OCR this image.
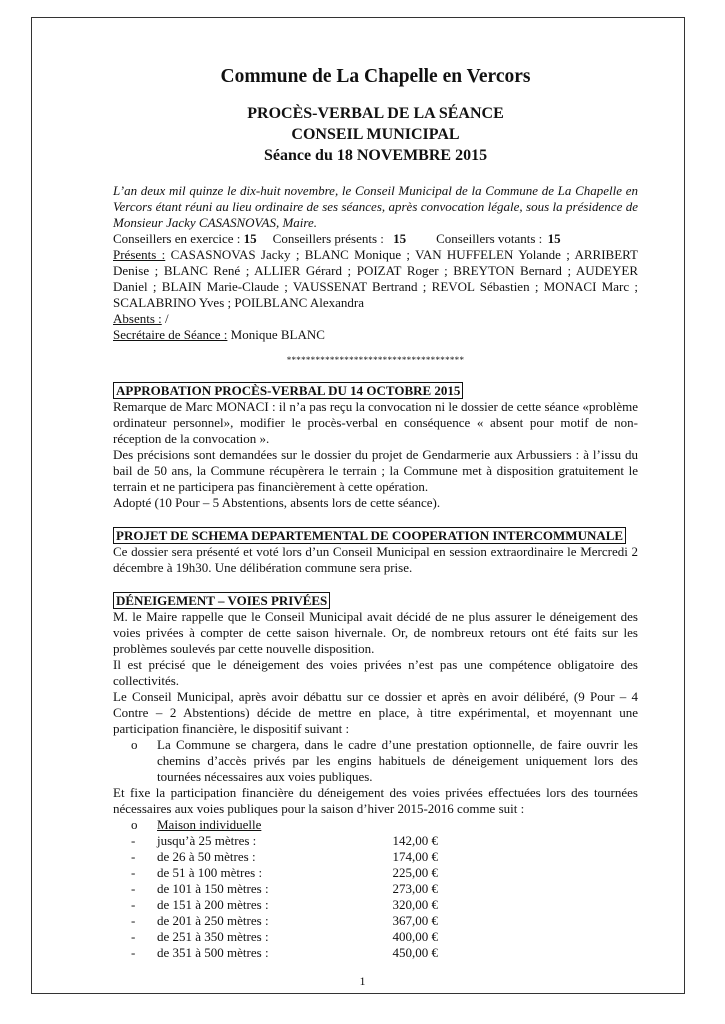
Commune de La Chapelle en Vercors
PROCÈS-VERBAL DE LA SÉANCE
CONSEIL MUNICIPAL
Séance du 18 NOVEMBRE 2015
L’an deux mil quinze le dix-huit novembre, le Conseil Municipal de la Commune de La Chapelle en Vercors étant réuni au lieu ordinaire de ses séances, après convocation légale, sous la présidence de Monsieur Jacky CASASNOVAS, Maire.
Conseillers en exercice : 15 Conseillers présents : 15 Conseillers votants : 15
Présents : CASASNOVAS Jacky ; BLANC Monique ; VAN HUFFELEN Yolande ; ARRIBERT Denise ; BLANC René ; ALLIER Gérard ; POIZAT Roger ; BREYTON Bernard ; AUDEYER Daniel ; BLAIN Marie-Claude ; VAUSSENAT Bertrand ; REVOL Sébastien ; MONACI Marc ; SCALABRINO Yves ; POILBLANC Alexandra
Absents : /
Secrétaire de Séance : Monique BLANC
*************************************
APPROBATION PROCÈS-VERBAL DU 14 OCTOBRE 2015

Remarque de Marc MONACI : il n’a pas reçu la convocation ni le dossier de cette séance «problème ordinateur personnel», modifier le procès-verbal en conséquence « absent pour motif de non-réception de la convocation ».

Des précisions sont demandées sur le dossier du projet de Gendarmerie aux Arbussiers : à l’issu du bail de 50 ans, la Commune récupèrera le terrain ; la Commune met à disposition gratuitement le terrain et ne participera pas financièrement à cette opération.

Adopté (10 Pour – 5 Abstentions, absents lors de cette séance).

PROJET DE SCHEMA DEPARTEMENTAL DE COOPERATION INTERCOMMUNALE

Ce dossier sera présenté et voté lors d’un Conseil Municipal en session extraordinaire le Mercredi 2 décembre à 19h30. Une délibération commune sera prise.

DÉNEIGEMENT – VOIES PRIVÉES

M. le Maire rappelle que le Conseil Municipal avait décidé de ne plus assurer le déneigement des voies privées à compter de cette saison hivernale. Or, de nombreux retours ont été faits sur les problèmes soulevés par cette nouvelle disposition.

Il est précisé que le déneigement des voies privées n’est pas une compétence obligatoire des collectivités.

Le Conseil Municipal, après avoir débattu sur ce dossier et après en avoir délibéré, (9 Pour – 4 Contre – 2 Abstentions) décide de mettre en place, à titre expérimental, et moyennant une participation financière, le dispositif suivant :

o	La Commune se chargera, dans le cadre d’une prestation optionnelle, de faire ouvrir les chemins d’accès privés par les engins habituels de déneigement uniquement lors des tournées nécessaires aux voies publiques.

Et fixe la participation financière du déneigement des voies privées effectuées lors des tournées nécessaires aux voies publiques pour la saison d’hiver 2015-2016 comme suit :

o	Maison individuelle
-	jusqu’à 25 mètres :	142,00 €
-	de 26 à 50 mètres :	174,00 €
-	de 51 à 100 mètres :	225,00 €
-	de 101 à 150 mètres :	273,00 €
-	de 151 à 200 mètres :	320,00 €
-	de 201 à 250 mètres :	367,00 €
-	de 251 à 350 mètres :	400,00 €
-	de 351 à 500 mètres :	450,00 €
1
